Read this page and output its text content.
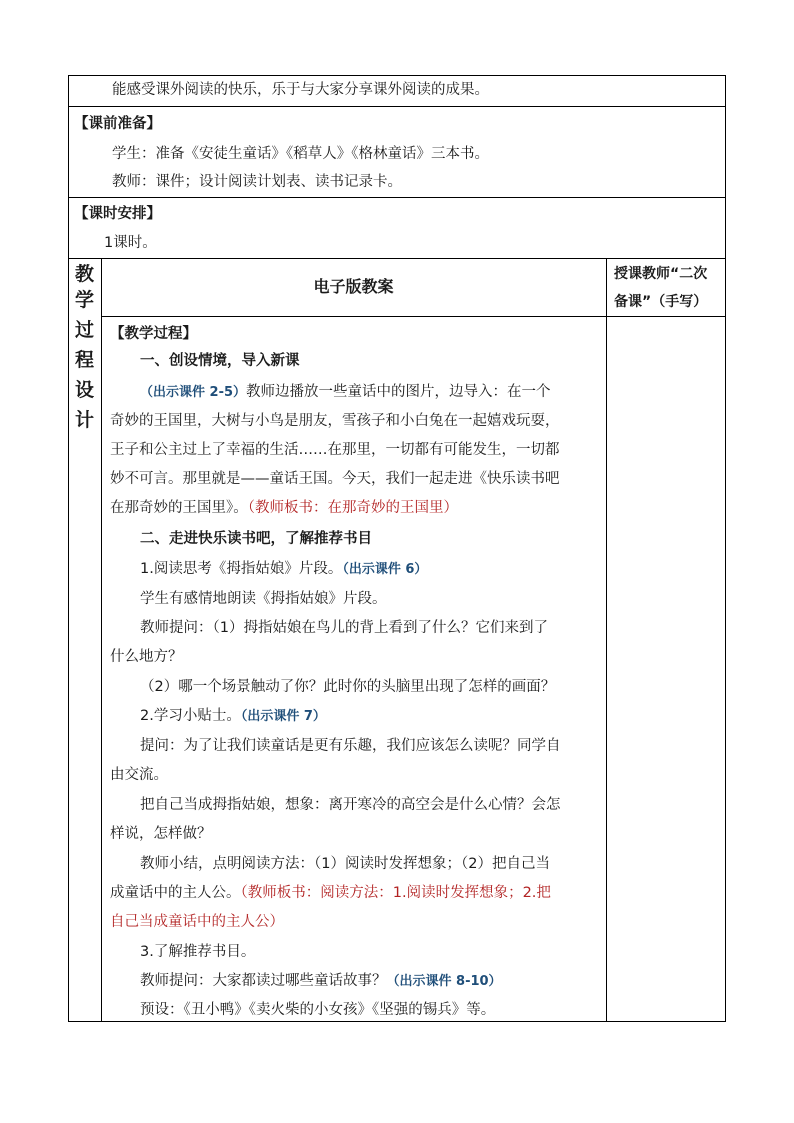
能感受课外阅读的快乐，乐于与大家分享课外阅读的成果。
【课前准备】
学生：准备《安徒生童话》《稻草人》《格林童话》三本书。
教师：课件；设计阅读计划表、读书记录卡。
【课时安排】
1课时。
教
学
过
程
设
计
电子版教案
授课教师“二次
备课”（手写）
【教学过程】
一、创设情境，导入新课
（出示课件 2-5）教师边播放一些童话中的图片，边导入：在一个
奇妙的王国里，大树与小鸟是朋友，雪孩子和小白兔在一起嬉戏玩耍，
王子和公主过上了幸福的生活……在那里，一切都有可能发生，一切都
妙不可言。那里就是——童话王国。今天，我们一起走进《快乐读书吧
在那奇妙的王国里》。（教师板书：在那奇妙的王国里）
二、走进快乐读书吧，了解推荐书目
1.阅读思考《拇指姑娘》片段。（出示课件 6）
学生有感情地朗读《拇指姑娘》片段。
教师提问：（1）拇指姑娘在鸟儿的背上看到了什么？它们来到了
什么地方？
（2）哪一个场景触动了你？此时你的头脑里出现了怎样的画面？
2.学习小贴士。（出示课件 7）
提问：为了让我们读童话是更有乐趣，我们应该怎么读呢？同学自
由交流。
把自己当成拇指姑娘，想象：离开寒冷的高空会是什么心情？会怎
样说，怎样做？
教师小结，点明阅读方法：（1）阅读时发挥想象；（2）把自己当
成童话中的主人公。（教师板书：阅读方法：1.阅读时发挥想象；2.把
自己当成童话中的主人公）
3.了解推荐书目。
教师提问：大家都读过哪些童话故事？（出示课件 8-10）
预设：《丑小鸭》《卖火柴的小女孩》《坚强的锡兵》等。
